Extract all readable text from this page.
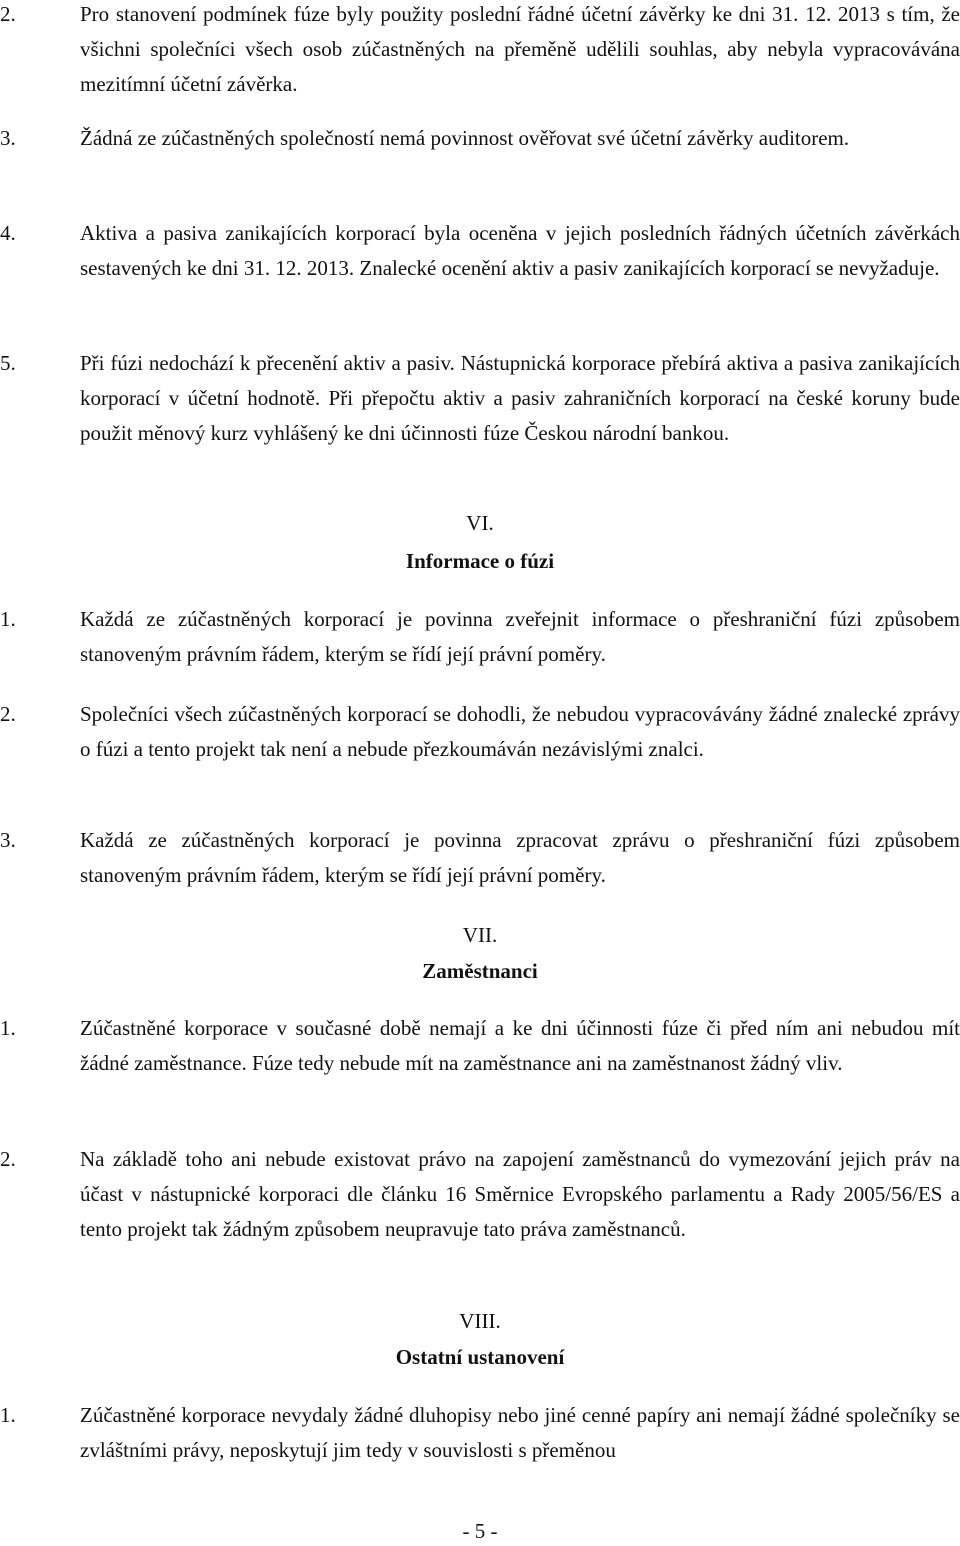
2.	Pro stanovení podmínek fúze byly použity poslední řádné účetní závěrky ke dni 31. 12. 2013 s tím, že všichni společníci všech osob zúčastněných na přeměně udělili souhlas, aby nebyla vypracovávána mezitímní účetní závěrka.

3.	Žádná ze zúčastněných společností nemá povinnost ověřovat své účetní závěrky auditorem.

4.	Aktiva a pasiva zanikajících korporací byla oceněna v jejich posledních řádných účetních závěrkách sestavených ke dni 31. 12. 2013. Znalecké ocenění aktiv a pasiv zanikajících korporací se nevyžaduje.

5.	Při fúzi nedochází k přecenění aktiv a pasiv. Nástupnická korporace přebírá aktiva a pasiva zanikajících korporací v účetní hodnotě. Při přepočtu aktiv a pasiv zahraničních korporací na české koruny bude použit měnový kurz vyhlášený ke dni účinnosti fúze Českou národní bankou.

VI.

Informace o fúzi

1.	Každá ze zúčastněných korporací je povinna zveřejnit informace o přeshraniční fúzi způsobem stanoveným právním řádem, kterým se řídí její právní poměry.

2.	Společníci všech zúčastněných korporací se dohodli, že nebudou vypracovávány žádné znalecké zprávy o fúzi a tento projekt tak není a nebude přezkoumáván nezávislými znalci.

3.	Každá ze zúčastněných korporací je povinna zpracovat zprávu o přeshraniční fúzi způsobem stanoveným právním řádem, kterým se řídí její právní poměry.

VII.

Zaměstnanci

1.	Zúčastněné korporace v současné době nemají a ke dni účinnosti fúze či před ním ani nebudou mít žádné zaměstnance. Fúze tedy nebude mít na zaměstnance ani na zaměstnanost žádný vliv.

2.	Na základě toho ani nebude existovat právo na zapojení zaměstnanců do vymezování jejich práv na účast v nástupnické korporaci dle článku 16 Směrnice Evropského parlamentu a Rady 2005/56/ES a tento projekt tak žádným způsobem neupravuje tato práva zaměstnanců.

VIII.

Ostatní ustanovení

1.	Zúčastněné korporace nevydaly žádné dluhopisy nebo jiné cenné papíry ani nemají žádné společníky se zvláštními právy, neposkytují jim tedy v souvislosti s přeměnou

- 5 -
